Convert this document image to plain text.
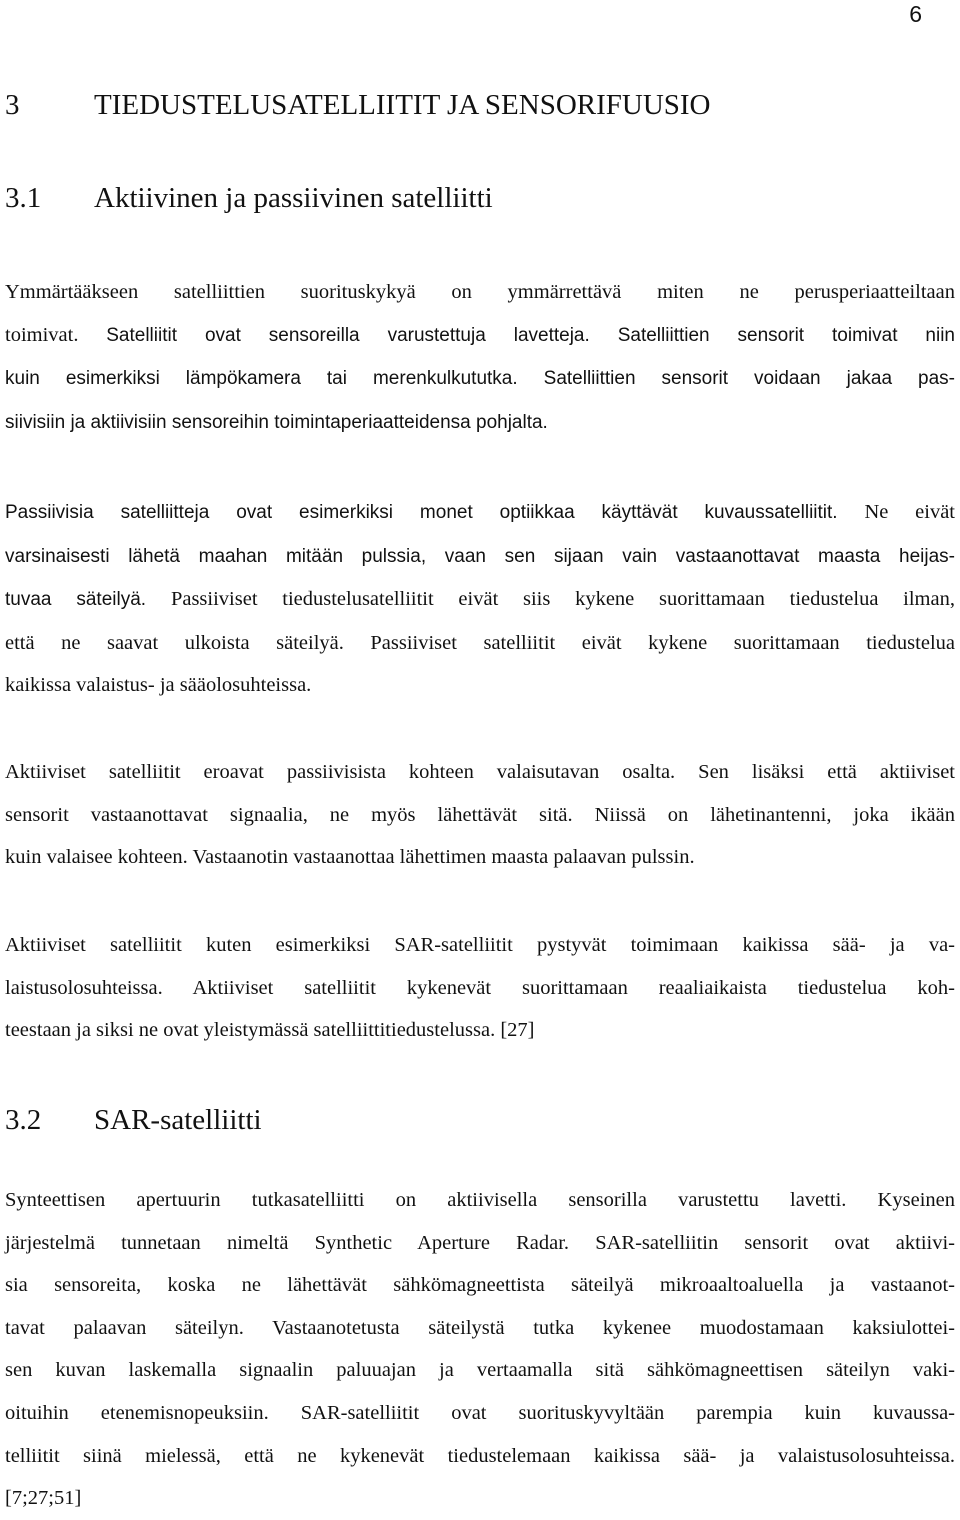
6
3	TIEDUSTELUSATELLIITIT JA SENSORIFUUSIO
3.1 Aktiivinen ja passiivinen satelliitti

Ymmärtääkseen satelliittien suorituskykyä on ymmärrettävä miten ne perusperiaatteiltaan
toimivat. Satelliitit ovat sensoreilla varustettuja lavetteja. Satelliittien sensorit toimivat niin
kuin esimerkiksi lämpökamera tai merenkulkututka. Satelliittien sensorit voidaan jakaa pas-
siivisiin ja aktiivisiin sensoreihin toimintaperiaatteidensa pohjalta.

Passiivisia satelliitteja ovat esimerkiksi monet optiikkaa käyttävät kuvaussatelliitit. Ne eivät
varsinaisesti lähetä maahan mitään pulssia, vaan sen sijaan vain vastaanottavat maasta heijas-
tuvaa säteilyä. Passiiviset tiedustelusatelliitit eivät siis kykene suorittamaan tiedustelua ilman,
että ne saavat ulkoista säteilyä. Passiiviset satelliitit eivät kykene suorittamaan tiedustelua
kaikissa valaistus- ja sääolosuhteissa.

Aktiiviset satelliitit eroavat passiivisista kohteen valaisutavan osalta. Sen lisäksi että aktiiviset
sensorit vastaanottavat signaalia, ne myös lähettävät sitä. Niissä on lähetinantenni, joka ikään
kuin valaisee kohteen. Vastaanotin vastaanottaa lähettimen maasta palaavan pulssin.

Aktiiviset satelliitit kuten esimerkiksi SAR-satelliitit pystyvät toimimaan kaikissa sää- ja va-
laistusolosuhteissa. Aktiiviset satelliitit kykenevät suorittamaan reaaliaikaista tiedustelua koh-
teestaan ja siksi ne ovat yleistymässä satelliittitiedustelussa. [27]

3.2 SAR-satelliitti

Synteettisen apertuurin tutkasatelliitti on aktiivisella sensorilla varustettu lavetti. Kyseinen
järjestelmä tunnetaan nimeltä Synthetic Aperture Radar. SAR-satelliitin sensorit ovat aktiivi-
sia sensoreita, koska ne lähettävät sähkömagneettista säteilyä mikroaaltoaluella ja vastaanot-
tavat palaavan säteilyn. Vastaanotetusta säteilystä tutka kykenee muodostamaan kaksiulottei-
sen kuvan laskemalla signaalin paluuajan ja vertaamalla sitä sähkömagneettisen säteilyn vaki-
oituihin etenemisnopeuksiin. SAR-satelliitit ovat suorituskyvyltään parempia kuin kuvaussa-
telliitit siinä mielessä, että ne kykenevät tiedustelemaan kaikissa sää- ja valaistusolosuhteissa.
[7;27;51]
